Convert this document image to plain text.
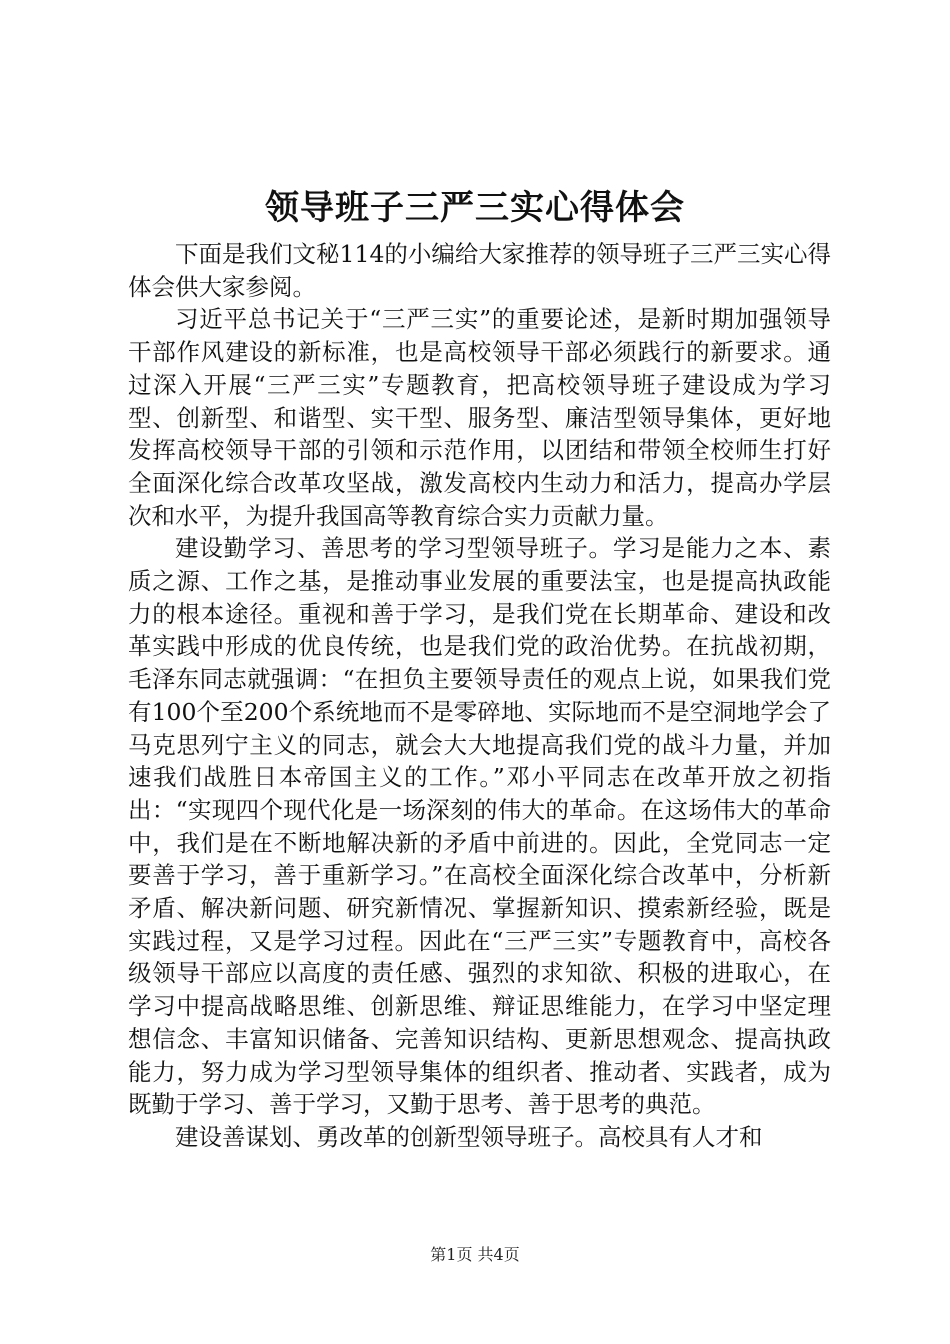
领导班子三严三实心得体会

下面是我们文秘114的小编给大家推荐的领导班子三严三实心得体会供大家参阅。

习近平总书记关于“三严三实”的重要论述，是新时期加强领导干部作风建设的新标准，也是高校领导干部必须践行的新要求。通过深入开展“三严三实”专题教育，把高校领导班子建设成为学习型、创新型、和谐型、实干型、服务型、廉洁型领导集体，更好地发挥高校领导干部的引领和示范作用，以团结和带领全校师生打好全面深化综合改革攻坚战，激发高校内生动力和活力，提高办学层次和水平，为提升我国高等教育综合实力贡献力量。

建设勤学习、善思考的学习型领导班子。学习是能力之本、素质之源、工作之基，是推动事业发展的重要法宝，也是提高执政能力的根本途径。重视和善于学习，是我们党在长期革命、建设和改革实践中形成的优良传统，也是我们党的政治优势。在抗战初期，毛泽东同志就强调：“在担负主要领导责任的观点上说，如果我们党有100个至200个系统地而不是零碎地、实际地而不是空洞地学会了马克思列宁主义的同志，就会大大地提高我们党的战斗力量，并加速我们战胜日本帝国主义的工作。”邓小平同志在改革开放之初指出：“实现四个现代化是一场深刻的伟大的革命。在这场伟大的革命中，我们是在不断地解决新的矛盾中前进的。因此，全党同志一定要善于学习，善于重新学习。”在高校全面深化综合改革中，分析新矛盾、解决新问题、研究新情况、掌握新知识、摸索新经验，既是实践过程，又是学习过程。因此在“三严三实”专题教育中，高校各级领导干部应以高度的责任感、强烈的求知欲、积极的进取心，在学习中提高战略思维、创新思维、辩证思维能力，在学习中坚定理想信念、丰富知识储备、完善知识结构、更新思想观念、提高执政能力，努力成为学习型领导集体的组织者、推动者、实践者，成为既勤于学习、善于学习，又勤于思考、善于思考的典范。

建设善谋划、勇改革的创新型领导班子。高校具有人才和

第1页 共4页
